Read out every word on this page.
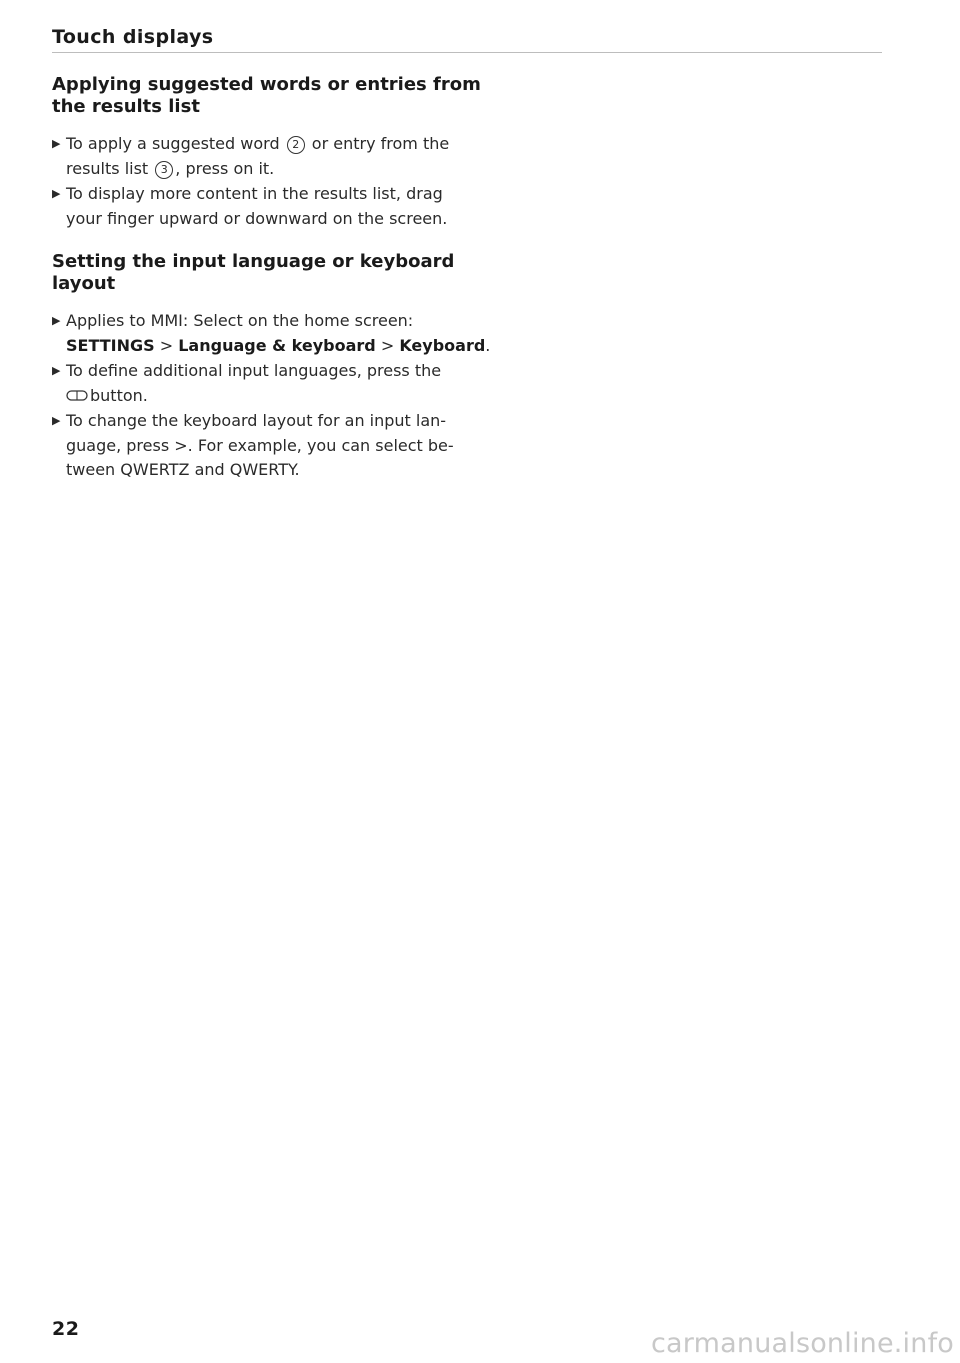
Touch displays
Applying suggested words or entries from
the results list
▶ To apply a suggested word 2 or entry from the
results list 3 , press on it.
▶ To display more content in the results list, drag
your finger upward or downward on the screen.
Setting the input language or keyboard
layout
▶ Applies to MMI: Select on the home screen:
SETTINGS > Language & keyboard > Keyboard.
▶ To define additional input languages, press the
button.
▶ To change the keyboard layout for an input lan-
guage, press >. For example, you can select be-
tween QWERTZ and QWERTY.
22	carmanualsonline.info
